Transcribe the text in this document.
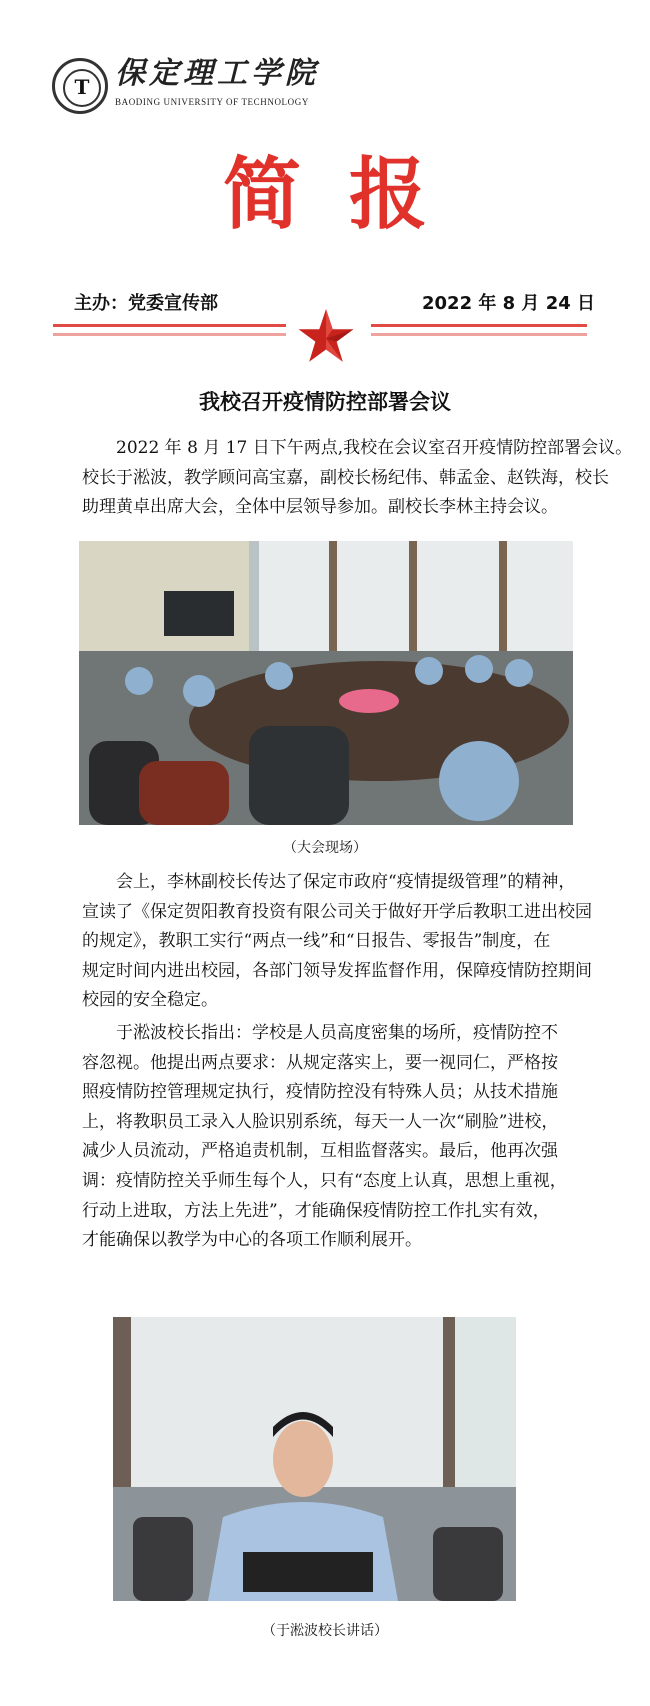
T 保定理工学院
BAODING UNIVERSITY OF TECHNOLOGY
简报
主办：党委宣传部	2022 年 8 月 24 日
我校召开疫情防控部署会议
　　2022 年 8 月 17 日下午两点,我校在会议室召开疫情防控部署会议。
校长于淞波，教学顾问高宝嘉，副校长杨纪伟、韩孟金、赵铁海，校长
助理黄卓出席大会，全体中层领导参加。副校长李林主持会议。
（大会现场）
　　会上，李林副校长传达了保定市政府“疫情提级管理”的精神，
宣读了《保定贺阳教育投资有限公司关于做好开学后教职工进出校园
的规定》，教职工实行“两点一线”和“日报告、零报告”制度，在
规定时间内进出校园，各部门领导发挥监督作用，保障疫情防控期间
校园的安全稳定。
　　于淞波校长指出：学校是人员高度密集的场所，疫情防控不
容忽视。他提出两点要求：从规定落实上，要一视同仁，严格按
照疫情防控管理规定执行，疫情防控没有特殊人员；从技术措施
上，将教职员工录入人脸识别系统，每天一人一次“刷脸”进校，
减少人员流动，严格追责机制，互相监督落实。最后，他再次强
调：疫情防控关乎师生每个人，只有“态度上认真，思想上重视，
行动上进取，方法上先进”，才能确保疫情防控工作扎实有效，
才能确保以教学为中心的各项工作顺利展开。
（于淞波校长讲话）
